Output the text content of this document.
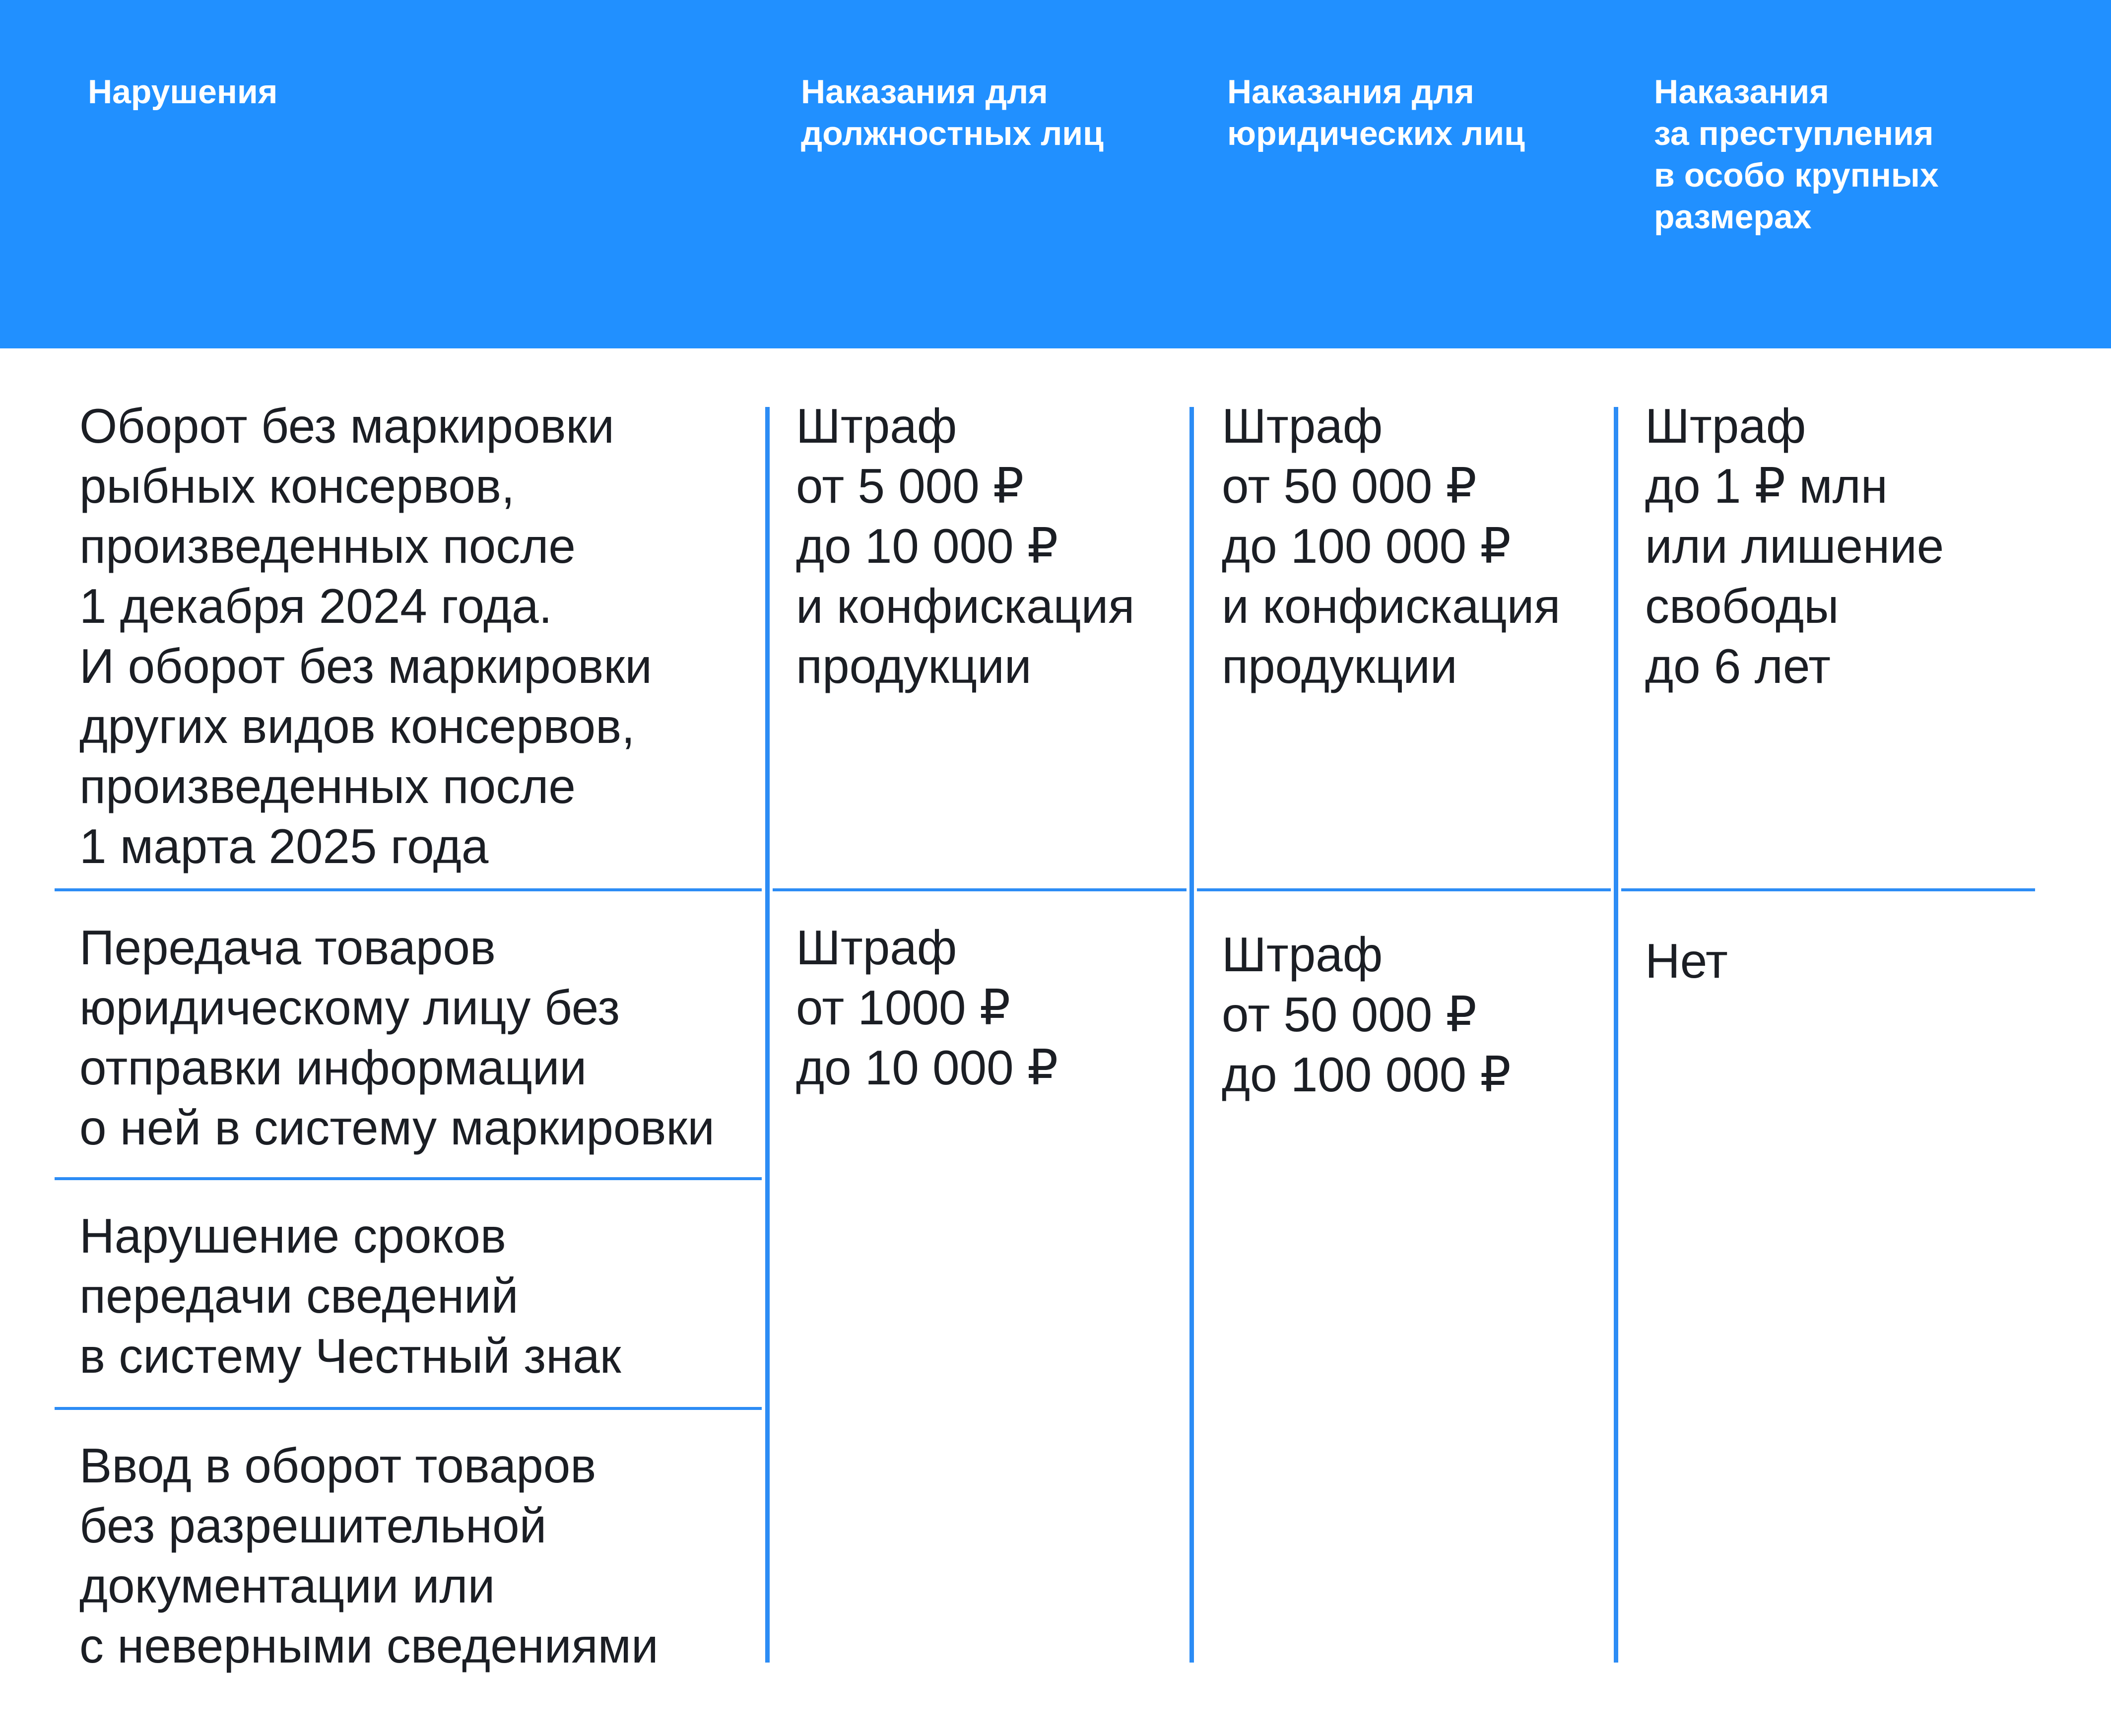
Нарушения	Наказания для
должностных лиц
Наказания для
юридических лиц
Наказания
за преступления
в особо крупных
размерах
Оборот без маркировки
рыбных консервов,
произведенных после
1 декабря 2024 года.
И оборот без маркировки
других видов консервов,
произведенных после
1 марта 2025 года
Штраф
от 5 000 ₽
до 10 000 ₽
и конфискация
продукции
Штраф
от 50 000 ₽
до 100 000 ₽
и конфискация
продукции
Штраф
до 1 ₽ млн
или лишение
свободы
до 6 лет
Передача товаров
юридическому лицу без
отправки информации
о ней в систему маркировки
Штраф
от 1000 ₽
до 10 000 ₽
Штраф
от 50 000 ₽
до 100 000 ₽
Нет
Нарушение сроков
передачи сведений
в систему Честный знак
Ввод в оборот товаров
без разрешительной
документации или
с неверными сведениями
